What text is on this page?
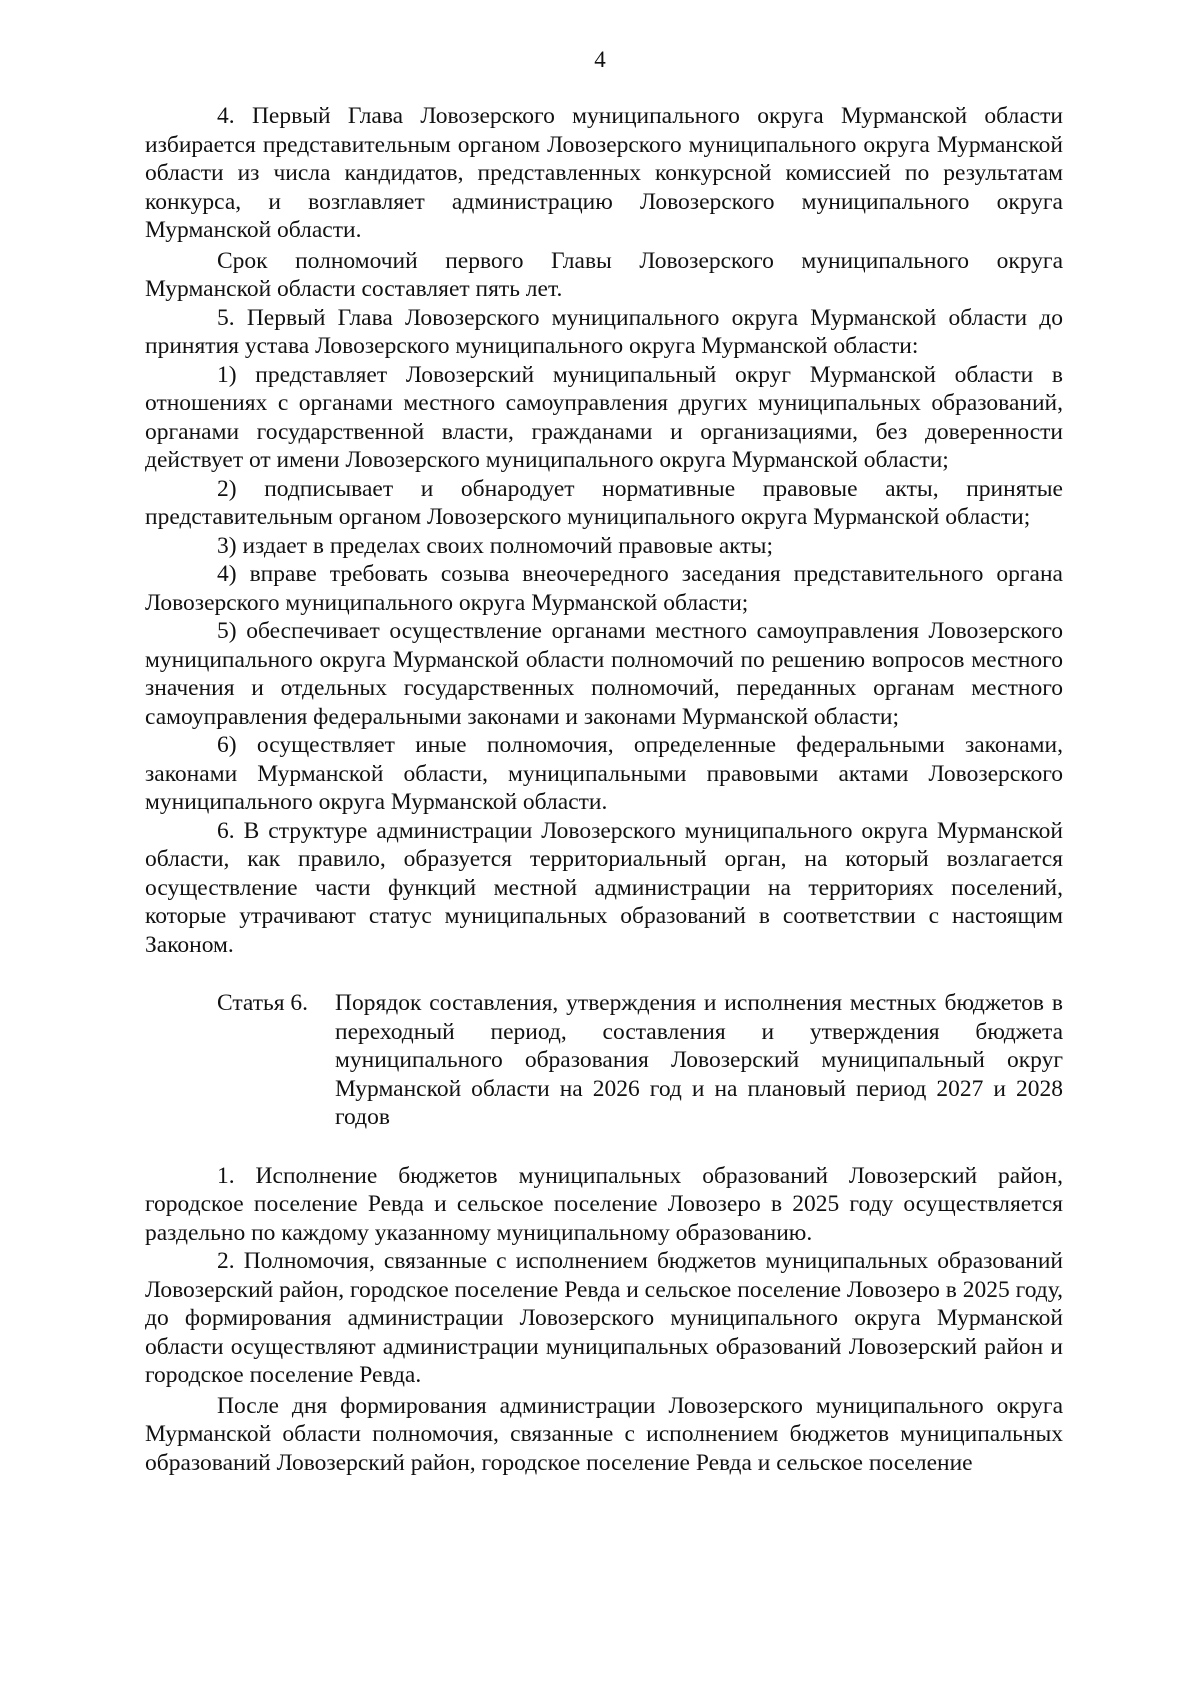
4

4. Первый Глава Ловозерского муниципального округа Мурманской области избирается представительным органом Ловозерского муниципального округа Мурманской области из числа кандидатов, представленных конкурсной комиссией по результатам конкурса, и возглавляет администрацию Ловозерского муниципального округа Мурманской области.

Срок полномочий первого Главы Ловозерского муниципального округа Мурманской области составляет пять лет.

5. Первый Глава Ловозерского муниципального округа Мурманской области до принятия устава Ловозерского муниципального округа Мурманской области:

1) представляет Ловозерский муниципальный округ Мурманской области в отношениях с органами местного самоуправления других муниципальных образований, органами государственной власти, гражданами и организациями, без доверенности действует от имени Ловозерского муниципального округа Мурманской области;

2) подписывает и обнародует нормативные правовые акты, принятые представительным органом Ловозерского муниципального округа Мурманской области;

3) издает в пределах своих полномочий правовые акты;

4) вправе требовать созыва внеочередного заседания представительного органа Ловозерского муниципального округа Мурманской области;

5) обеспечивает осуществление органами местного самоуправления Ловозерского муниципального округа Мурманской области полномочий по решению вопросов местного значения и отдельных государственных полномочий, переданных органам местного самоуправления федеральными законами и законами Мурманской области;

6) осуществляет иные полномочия, определенные федеральными законами, законами Мурманской области, муниципальными правовыми актами Ловозерского муниципального округа Мурманской области.

6. В структуре администрации Ловозерского муниципального округа Мурманской области, как правило, образуется территориальный орган, на который возлагается осуществление части функций местной администрации на территориях поселений, которые утрачивают статус муниципальных образований в соответствии с настоящим Законом.

Статья 6.	Порядок составления, утверждения и исполнения местных бюджетов в переходный период, составления и утверждения бюджета муниципального образования Ловозерский муниципальный округ Мурманской области на 2026 год и на плановый период 2027 и 2028 годов

1. Исполнение бюджетов муниципальных образований Ловозерский район, городское поселение Ревда и сельское поселение Ловозеро в 2025 году осуществляется раздельно по каждому указанному муниципальному образованию.

2. Полномочия, связанные с исполнением бюджетов муниципальных образований Ловозерский район, городское поселение Ревда и сельское поселение Ловозеро в 2025 году, до формирования администрации Ловозерского муниципального округа Мурманской области осуществляют администрации муниципальных образований Ловозерский район и городское поселение Ревда.

После дня формирования администрации Ловозерского муниципального округа Мурманской области полномочия, связанные с исполнением бюджетов муниципальных образований Ловозерский район, городское поселение Ревда и сельское поселение
